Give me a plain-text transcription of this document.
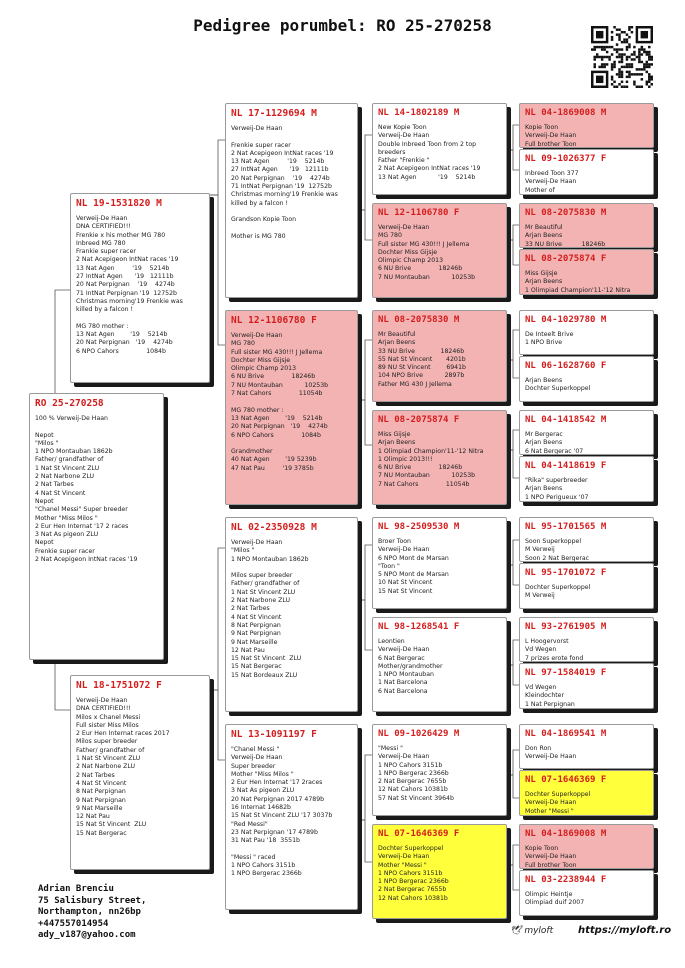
Pedigree porumbel: RO 25-270258
RO 25-270258
100 % Verweij-De Haan

Nepot
"Milos "
1 NPO Montauban 1862b
Father/ grandfather of
1 Nat St Vincent ZLU
2 Nat Narbone ZLU
2 Nat Tarbes
4 Nat St Vincent
Nepot
"Chanel Messi" Super breeder
Mother "Miss Milos "
2 Eur Hen Internat '17 2 races
3 Nat As pigeon ZLU
Nepot
Frenkie super racer
2 Nat Acepigeon IntNat races '19
NL 19-1531820 M
Verweij-De Haan
DNA CERTIFIED!!!
Frenkie x his mother MG 780
Inbreed MG 780
Frankie super racer
2 Nat Acepigeon IntNat races '19
13 Nat Agen         '19    5214b
27 IntNat Agen      '19   12111b
20 Nat Perpignan    '19    4274b
71 IntNat Perpignan '19  12752b
Christmas morning'19 Frenkie was
killed by a falcon !

MG 780 mother :
13 Nat Agen        '19    5214b
20 Nat Perpignan   '19    4274b
6 NPO Cahors              1084b
NL 18-1751072 F
Verweij-De Haan
DNA CERTIFIED!!!
Milos x Chanel Messi
Full sister Miss Milos
2 Eur Hen Internat races 2017
Milos super breeder
Father/ grandfather of
1 Nat St Vincent ZLU
2 Nat Narbone ZLU
2 Nat Tarbes
4 Nat St Vincent
8 Nat Perpignan
9 Nat Perpignan
9 Nat Marseille
12 Nat Pau
15 Nat St Vincent  ZLU
15 Nat Bergerac
NL 17-1129694 M
Verweij-De Haan

Frenkie super racer
2 Nat Acepigeon IntNat races '19
13 Nat Agen         '19    5214b
27 IntNat Agen      '19   12111b
20 Nat Perpignan    '19    4274b
71 IntNat Perpignan '19  12752b
Christmas morning'19 Frenkie was
killed by a falcon !

Grandson Kopie Toon

Mother is MG 780
NL 12-1106780 F
Verweij-De Haan
MG 780
Full sister MG 430!!! J Jellema
Dochter Miss Gijsje
Olimpic Champ 2013
6 NU Brive              18246b
7 NU Montauban           10253b
7 Nat Cahors              11054b

MG 780 mother :
13 Nat Agen        '19    5214b
20 Nat Perpignan   '19    4274b
6 NPO Cahors              1084b

Grandmother
40 Nat Agen        '19 5239b
47 Nat Pau         '19 3785b
NL 02-2350928 M
Verweij-De Haan
"Milos "
1 NPO Montauban 1862b

Milos super breeder
Father/ grandfather of
1 Nat St Vincent ZLU
2 Nat Narbone ZLU
2 Nat Tarbes
4 Nat St Vincent
8 Nat Perpignan
9 Nat Perpignan
9 Nat Marseille
12 Nat Pau
15 Nat St Vincent  ZLU
15 Nat Bergerac
15 Nat Bordeaux ZLU
NL 13-1091197 F
"Chanel Messi "
Verweij-De Haan
Super breeder
Mother "Miss Milos "
2 Eur Hen Internat '17 2races
3 Nat As pigeon ZLU
20 Nat Perpignan 2017 4789b
16 Internat 14682b
15 Nat St Vincent ZLU '17 3037b
"Red Messi"
23 Nat Perpignan '17 4789b
31 Nat Pau '18  3551b

"Messi " raced
1 NPO Cahors 3151b
1 NPO Bergerac 2366b
NL 14-1802189 M
New Kopie Toon
Verweij-De Haan
Double Inbreed Toon from 2 top
breeders
Father "Frenkie "
2 Nat Acepigeon IntNat races '19
13 Nat Agen           '19    5214b
NL 12-1106780 F
Verweij-De Haan
MG 780
Full sister MG 430!!! J Jellema
Dochter Miss Gijsje
Olimpic Champ 2013
6 NU Brive              18246b
7 NU Montauban           10253b
NL 08-2075830 M
Mr Beautiful
Arjan Beens
33 NU Brive             18246b
55 Nat St Vincent       4201b
89 NU St Vincent        6941b
104 NPO Brive           2897b
Father MG 430 J Jellema
NL 08-2075874 F
Miss Gijsje
Arjan Beens
1 Olimpiad Champion'11-'12 Nitra
1 Olimpic 2013!!!
6 NU Brive              18246b
7 NU Montauban           10253b
7 Nat Cahors              11054b
NL 98-2509530 M
Broer Toon
Verweij-De Haan
6 NPO Mont de Marsan
"Toon "
5 NPO Mont de Marsan
10 Nat St Vincent
15 Nat St Vincent
NL 98-1268541 F
Leontien
Verweij-De Haan
6 Nat Bergerac
Mother/grandmother
1 NPO Montauban
1 Nat Barcelona
6 Nat Barcelona
NL 09-1026429 M
"Messi "
Verweij-De Haan
1 NPO Cahors 3151b
1 NPO Bergerac 2366b
2 Nat Bergerac 7655b
12 Nat Cahors 10381b
57 Nat St Vincent 3964b
NL 07-1646369 F
Dochter Superkoppel
Verweij-De Haan
Mother "Messi "
1 NPO Cahors 3151b
1 NPO Bergerac 2366b
2 Nat Bergerac 7655b
12 Nat Cahors 10381b
NL 04-1869008 M
Kopie Toon
Verweij-De Haan
Full brother Toon
NL 09-1026377 F
Inbreed Toon 377
Verweij-De Haan
Mother of
NL 08-2075830 M
Mr Beautiful
Arjan Beens
33 NU Brive          18246b
NL 08-2075874 F
Miss Gijsje
Arjan Beens
1 Olimpiad Champion'11-'12 Nitra
NL 04-1029780 M
De Inteelt Brive
1 NPO Brive
NL 06-1628760 F
Arjan Beens
Dochter Superkoppel
NL 04-1418542 M
Mr Bergerac
Arjan Beens
6 Nat Bergerac '07
NL 04-1418619 F
"Rika" superbreeder
Arjan Beens
1 NPO Perigueux '07
NL 95-1701565 M
Soon Superkoppel
M Verweij
Soon 2 Nat Bergerac
NL 95-1701072 F
Dochter Superkoppel
M Verweij
NL 93-2761905 M
L Hoogervorst
Vd Wegen
7 prizes erote fond
NL 97-1584019 F
Vd Wegen
Kleindochter
1 Nat Perpignan
NL 04-1869541 M
Don Ron
Verweij-De Haan
NL 07-1646369 F
Dochter Superkoppel
Verweij-De Haan
Mother "Messi "
NL 04-1869008 M
Kopie Toon
Verweij-De Haan
Full brother Toon
NL 03-2238944 F
Olimpic Heintje
Olimpiad duif 2007
Adrian Brenciu
75 Salisbury Street,
Northampton, nn26bp
+447557014954
ady_v187@yahoo.com	🕊 myloft https://myloft.ro
